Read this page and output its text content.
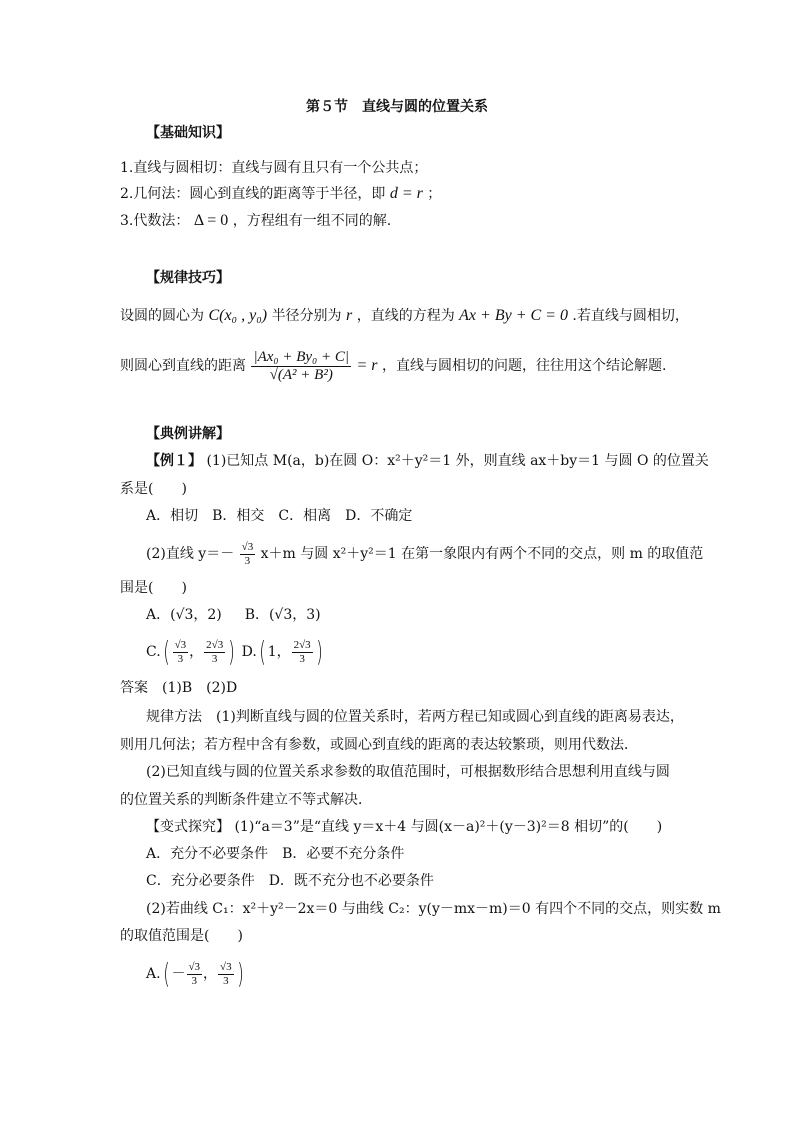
第５节　直线与圆的位置关系
【基础知识】
1.直线与圆相切：直线与圆有且只有一个公共点；
2.几何法：圆心到直线的距离等于半径，即 d = r ；
3.代数法： Δ = 0 ，方程组有一组不同的解.
【规律技巧】
设圆的圆心为 C(x₀ , y₀) 半径分别为 r ，直线的方程为 Ax + By + C = 0 .若直线与圆相切，
则圆心到直线的距离 $\frac{\text{|Ax₀ + By₀ + C|}}{\text{√(A² + B²)}} = r$ ，直线与圆相切的问题，往往用这个结论解题.
【典例讲解】
【例１】 (1)已知点 M(a，b)在圆 O：x²＋y²＝1 外，则直线 ax＋by＝1 与圆 O 的位置关
系是(　　)
A．相切　B．相交　C．相离　D．不确定
(2)直线 $y=- \frac{√3}{3} x+m$ 与圆 x²＋y²＝1 在第一象限内有两个不同的交点，则 m 的取值范
围是(　　)
A．(√3，2) 　 B．(√3，3)
$C.( \frac{√3}{3}$ ， $\frac{2√3}{3}$ ) D.( 1， $\frac{2√3}{3}$ )
答案　(1)B　(2)D
规律方法　(1)判断直线与圆的位置关系时，若两方程已知或圆心到直线的距离易表达，
则用几何法；若方程中含有参数，或圆心到直线的距离的表达较繁琐，则用代数法．
(2)已知直线与圆的位置关系求参数的取值范围时，可根据数形结合思想利用直线与圆
的位置关系的判断条件建立不等式解决．
【变式探究】 (1)“a＝3”是“直线 y＝x＋4 与圆(x－a)²＋(y－3)²＝8 相切”的(　　)
A．充分不必要条件　B．必要不充分条件
C．充分必要条件　D．既不充分也不必要条件
(2)若曲线 C₁：x²＋y²－2x＝0 与曲线 C₂：y(y－mx－m)＝0 有四个不同的交点，则实数 m
的取值范围是(　　)
$A.( - \frac{√3}{3}$ ， $\frac{√3}{3}$ )
